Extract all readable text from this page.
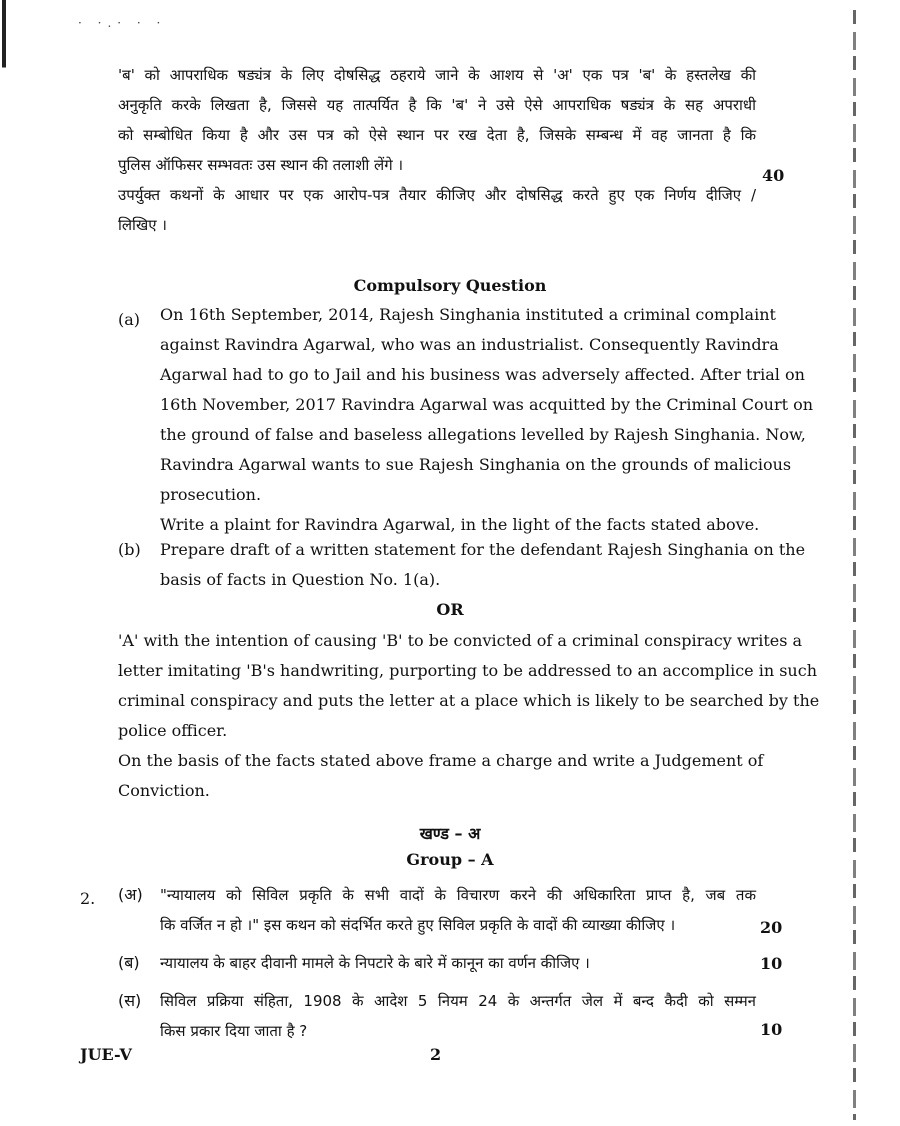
· ·.· · ·
'ब' को आपराधिक षड्यंत्र के लिए दोषसिद्ध ठहराये जाने के आशय से 'अ' एक पत्र 'ब' के हस्तलेख की
अनुकृति करके लिखता है, जिससे यह तात्पर्यित है कि 'ब' ने उसे ऐसे आपराधिक षड्यंत्र के सह अपराधी
को सम्बोधित किया है और उस पत्र को ऐसे स्थान पर रख देता है, जिसके सम्बन्ध में वह जानता है कि
पुलिस ऑफिसर सम्भवतः उस स्थान की तलाशी लेंगे ।
उपर्युक्त कथनों के आधार पर एक आरोप-पत्र तैयार कीजिए और दोषसिद्ध करते हुए एक निर्णय दीजिए /
लिखिए ।
40
Compulsory Question
(a) On 16th September, 2014, Rajesh Singhania instituted a criminal complaint
against Ravindra Agarwal, who was an industrialist. Consequently Ravindra
Agarwal had to go to Jail and his business was adversely affected. After trial on
16th November, 2017 Ravindra Agarwal was acquitted by the Criminal Court on
the ground of false and baseless allegations levelled by Rajesh Singhania. Now,
Ravindra Agarwal wants to sue Rajesh Singhania on the grounds of malicious
prosecution.
Write a plaint for Ravindra Agarwal, in the light of the facts stated above.
(b) Prepare draft of a written statement for the defendant Rajesh Singhania on the
basis of facts in Question No. 1(a).
OR
'A' with the intention of causing 'B' to be convicted of a criminal conspiracy writes a
letter imitating 'B's handwriting, purporting to be addressed to an accomplice in such
criminal conspiracy and puts the letter at a place which is likely to be searched by the
police officer.
On the basis of the facts stated above frame a charge and write a Judgement of
Conviction.
खण्ड – अ
Group – A
2. (अ) "न्यायालय को सिविल प्रकृति के सभी वादों के विचारण करने की अधिकारिता प्राप्त है, जब तक
कि वर्जित न हो ।" इस कथन को संदर्भित करते हुए सिविल प्रकृति के वादों की व्याख्या कीजिए ।	20
(ब) न्यायालय के बाहर दीवानी मामले के निपटारे के बारे में कानून का वर्णन कीजिए ।	10
(स) सिविल प्रक्रिया संहिता, 1908 के आदेश 5 नियम 24 के अन्तर्गत जेल में बन्द कैदी को सम्मन
किस प्रकार दिया जाता है ?	10
JUE-V	2
